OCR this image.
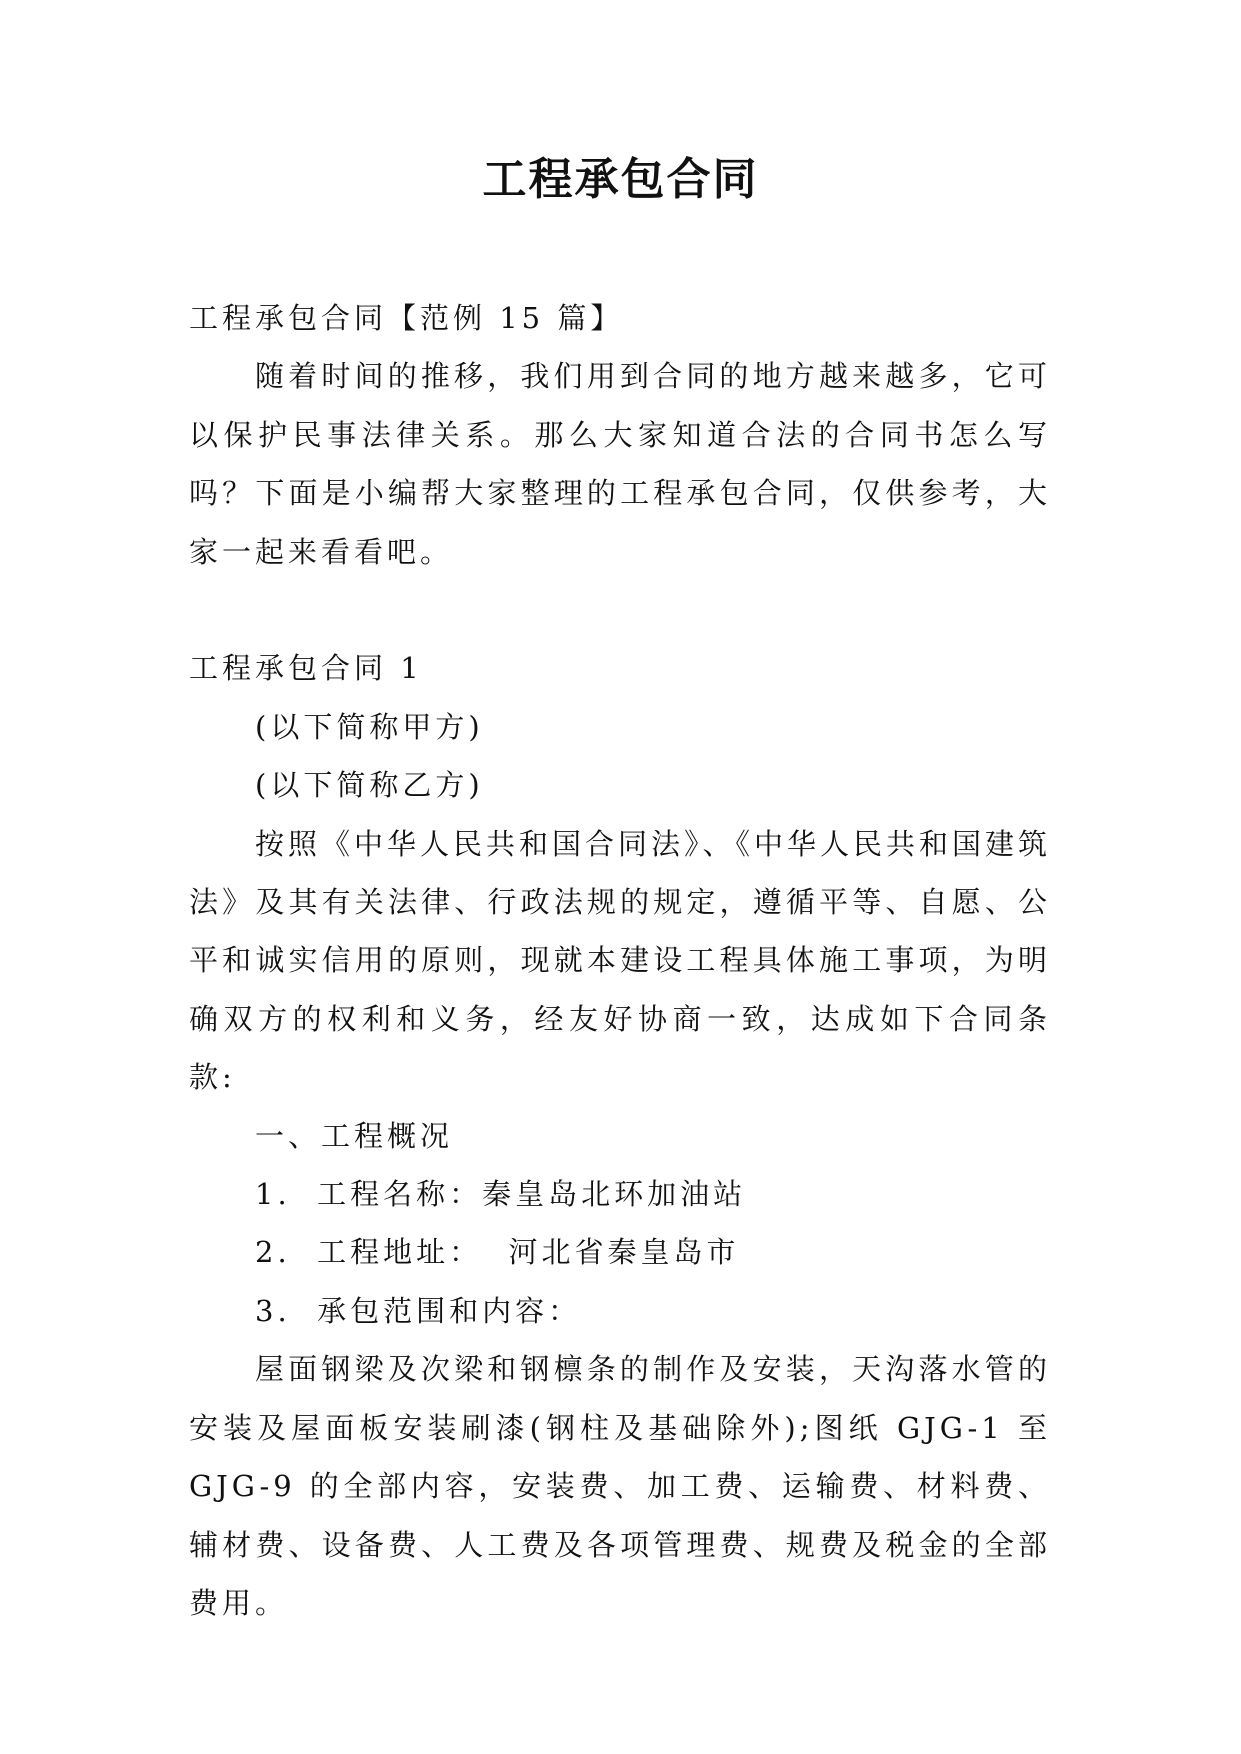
工程承包合同

工程承包合同【范例 15 篇】

随着时间的推移，我们用到合同的地方越来越多，它可以保护民事法律关系。那么大家知道合法的合同书怎么写吗？下面是小编帮大家整理的工程承包合同，仅供参考，大家一起来看看吧。

工程承包合同 1

(以下简称甲方)

(以下简称乙方)

按照《中华人民共和国合同法》、《中华人民共和国建筑法》及其有关法律、行政法规的规定，遵循平等、自愿、公平和诚实信用的原则，现就本建设工程具体施工事项，为明确双方的权利和义务，经友好协商一致，达成如下合同条款:

一、工程概况

1.  工程名称：秦皇岛北环加油站

2.  工程地址：  河北省秦皇岛市

3.  承包范围和内容：

屋面钢梁及次梁和钢檩条的制作及安装，天沟落水管的安装及屋面板安装刷漆(钢柱及基础除外);图纸 GJG-1 至 GJG-9 的全部内容，安装费、加工费、运输费、材料费、辅材费、设备费、人工费及各项管理费、规费及税金的全部费用。
